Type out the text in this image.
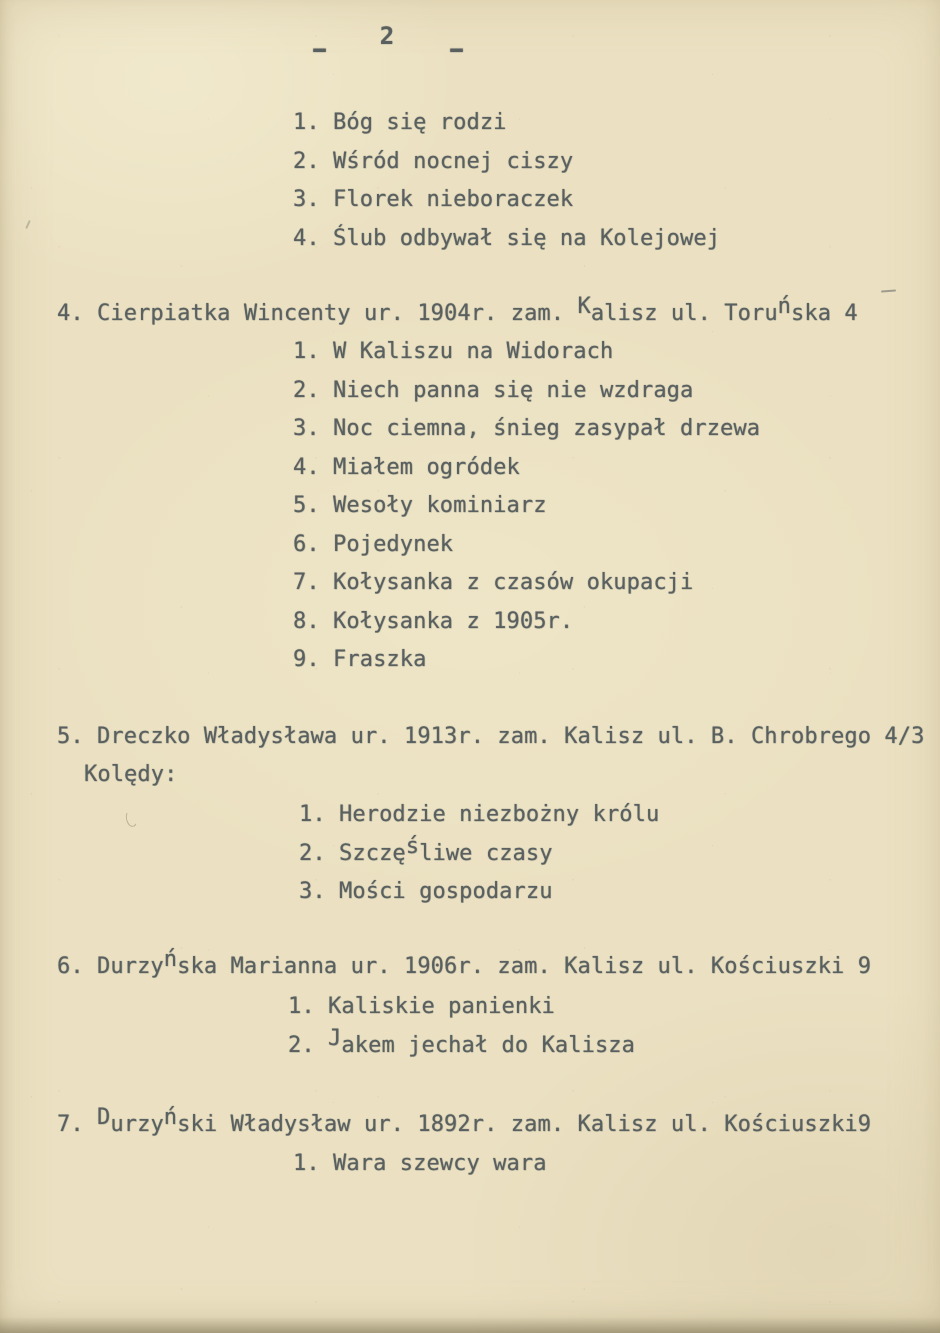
- 2 -
1. Bóg się rodzi
2. Wśród nocnej ciszy
3. Florek nieboraczek
4. Ślub odbywał się na Kolejowej
4. Cierpiatka Wincenty ur. 1904r. zam. Kalisz ul. Toruńska 4
1. W Kaliszu na Widorach
2. Niech panna się nie wzdraga
3. Noc ciemna, śnieg zasypał drzewa
4. Miałem ogródek
5. Wesoły kominiarz
6. Pojedynek
7. Kołysanka z czasów okupacji
8. Kołysanka z 1905r.
9. Fraszka
5. Dreczko Władysława ur. 1913r. zam. Kalisz ul. B. Chrobrego 4/3
Kolędy:
1. Herodzie niezbożny królu
2. Szczęśliwe czasy
3. Mości gospodarzu
6. Durzyńska Marianna ur. 1906r. zam. Kalisz ul. Kościuszki 9
1. Kaliskie panienki
2. Jakem jechał do Kalisza
7. Durzyński Władysław ur. 1892r. zam. Kalisz ul. Kościuszki9
1. Wara szewcy wara
